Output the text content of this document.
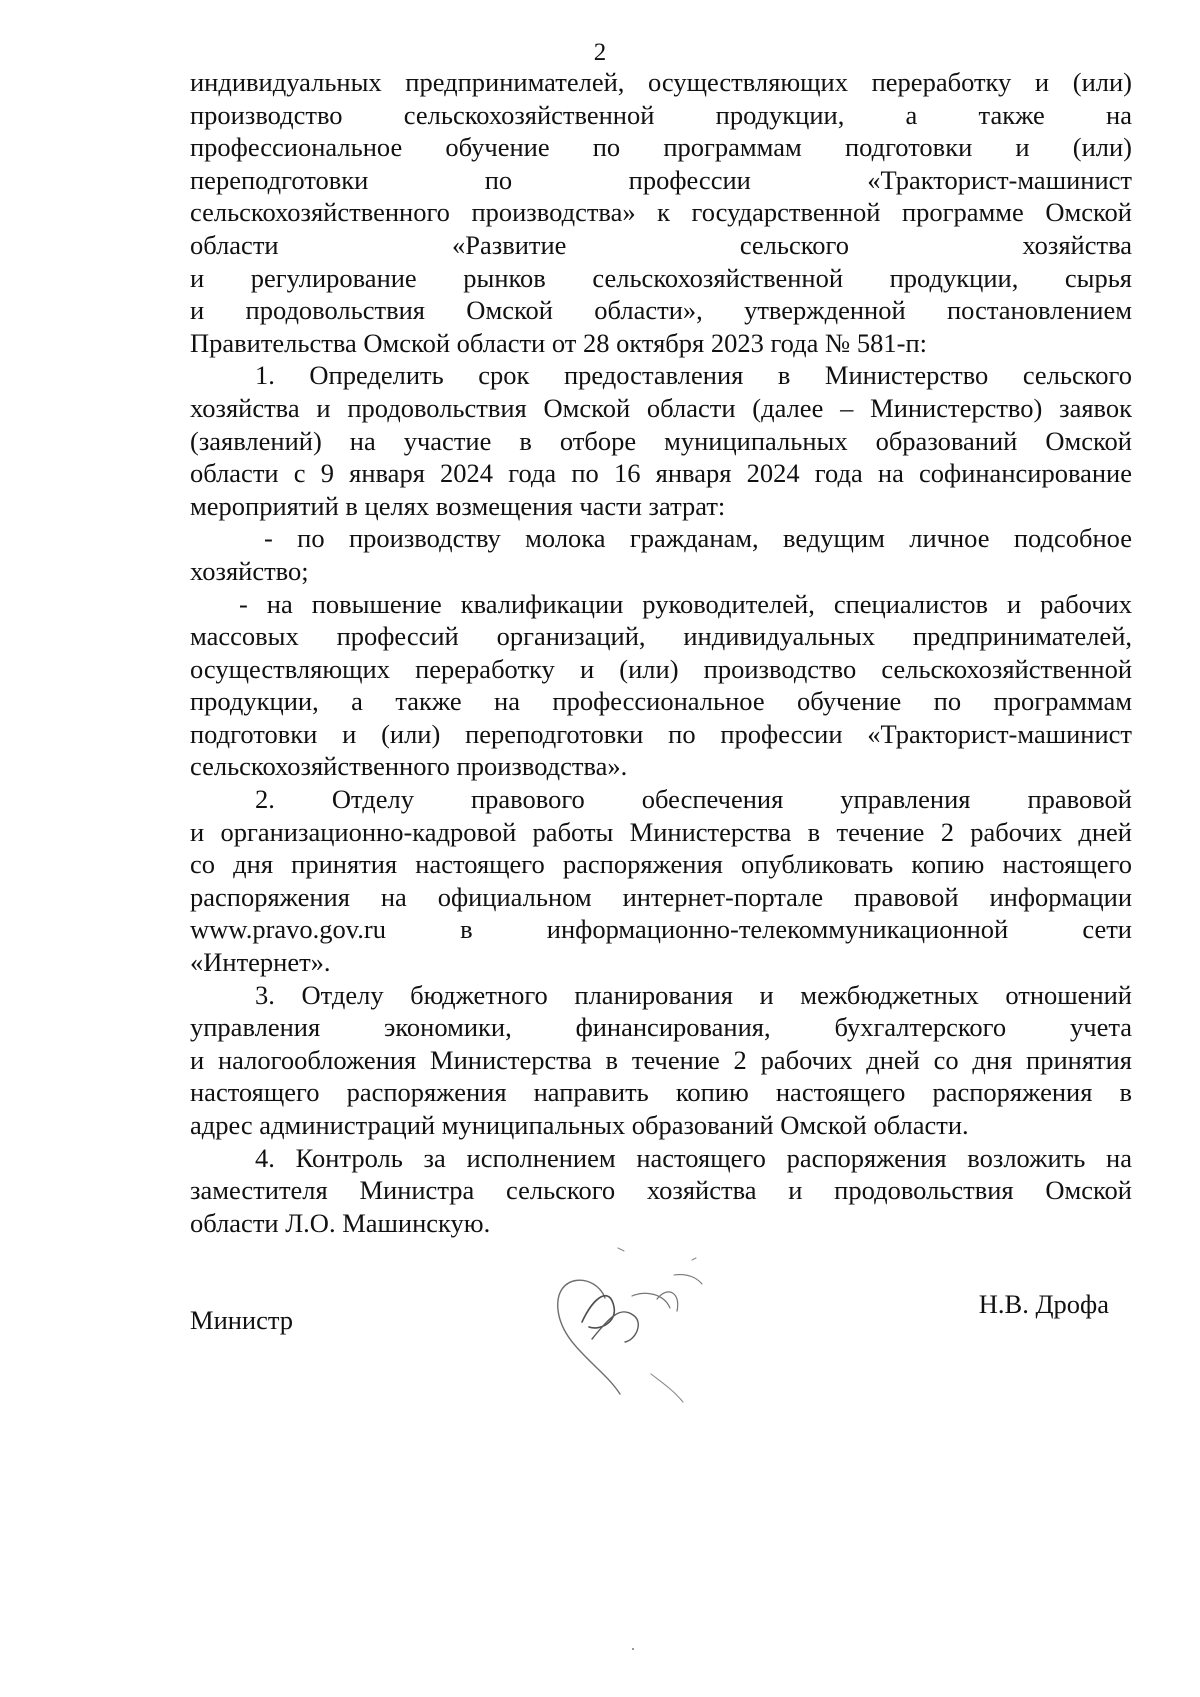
2
индивидуальных предпринимателей, осуществляющих переработку и (или)
производство сельскохозяйственной продукции, а также на
профессиональное обучение по программам подготовки и (или)
переподготовки по профессии «Тракторист-машинист
сельскохозяйственного производства» к государственной программе Омской
области «Развитие сельского хозяйства
и регулирование рынков сельскохозяйственной продукции, сырья
и продовольствия Омской области», утвержденной постановлением
Правительства Омской области от 28 октября 2023 года № 581-п:
1. Определить срок предоставления в Министерство сельского
хозяйства и продовольствия Омской области (далее – Министерство) заявок
(заявлений) на участие в отборе муниципальных образований Омской
области с 9 января 2024 года по 16 января 2024 года на софинансирование
мероприятий в целях возмещения части затрат:
- по производству молока гражданам, ведущим личное подсобное
хозяйство;
- на повышение квалификации руководителей, специалистов и рабочих
массовых профессий организаций, индивидуальных предпринимателей,
осуществляющих переработку и (или) производство сельскохозяйственной
продукции, а также на профессиональное обучение по программам
подготовки и (или) переподготовки по профессии «Тракторист-машинист
сельскохозяйственного производства».
2. Отделу правового обеспечения управления правовой
и организационно-кадровой работы Министерства в течение 2 рабочих дней
со дня принятия настоящего распоряжения опубликовать копию настоящего
распоряжения на официальном интернет-портале правовой информации
www.pravo.gov.ru в информационно-телекоммуникационной сети
«Интернет».
3. Отделу бюджетного планирования и межбюджетных отношений
управления экономики, финансирования, бухгалтерского учета
и налогообложения Министерства в течение 2 рабочих дней со дня принятия
настоящего распоряжения направить копию настоящего распоряжения в
адрес администраций муниципальных образований Омской области.
4. Контроль за исполнением настоящего распоряжения возложить на
заместителя Министра сельского хозяйства и продовольствия Омской
области Л.О. Машинскую.
Министр
Н.В. Дрофа
